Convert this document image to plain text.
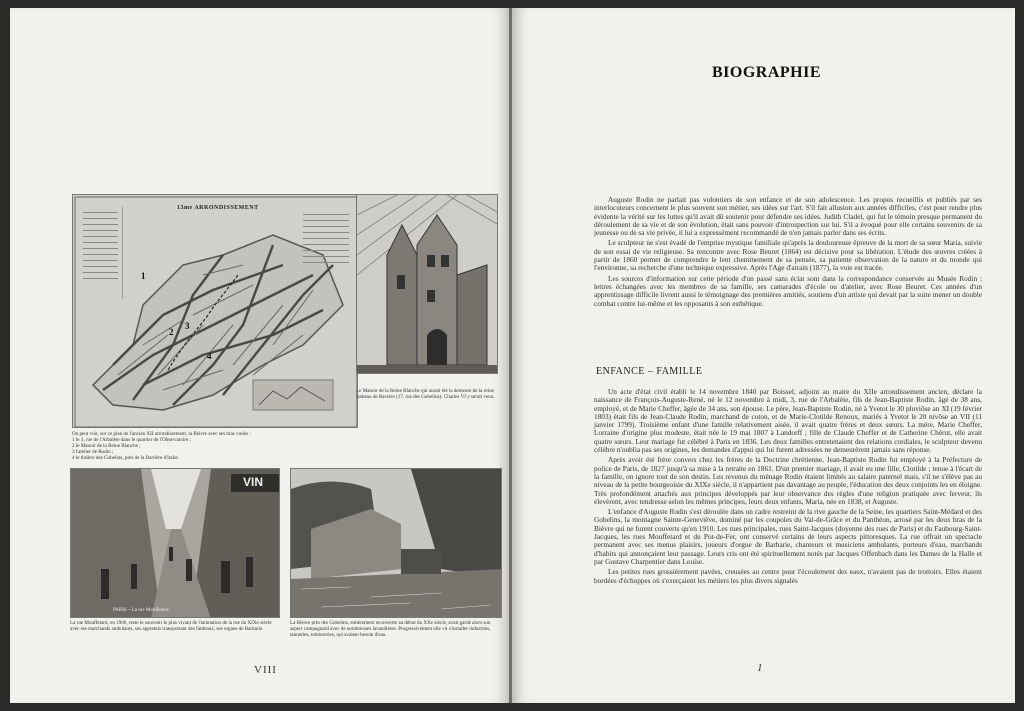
13me ARRONDISSEMENT
1
2
3
4
On peut voir, sur ce plan de l'ancien XII arrondissement, la Bièvre avec ses bras variés :
1 le 3, rue de l'Arbalète dans le quartier de l'Observatoire ;
2 le Manoir de la Reine Blanche ;
3 l'atelier de Rodin ;
4 le théâtre des Gobelins, près de la Barrière d'Italie.
Le Manoir de la Reine Blanche qui aurait été la demeure de la reine Isabeau de Bavière (17, rue des Gobelins). Charles VI y serait venu.
VIN
PARIS – La rue Mouffetard
La rue Mouffetard, en 1906, reste le souvenir le plus vivant de l'animation de la rue du XIXe siècle avec ses marchands ambulants, ses apprentis transportant des fardeaux, ses orgues de Barbarie.
La Bièvre près des Gobelins, entièrement recouverte au début du XXe siècle, avait gardé alors son aspect campagnard avec de nombreuses lavandières. Progressivement elle vit s'installer industries, tanneries, teintureries, qui avaient besoin d'eau.
VIII
BIOGRAPHIE

Auguste Rodin ne parlait pas volontiers de son enfance et de son adolescence. Les propos recueillis et publiés par ses interlocuteurs concernent le plus souvent son métier, ses idées sur l'art. S'il fait allusion aux années difficiles, c'est pour rendre plus évidente la vérité sur les luttes qu'il avait dû soutenir pour défendre ses idées. Judith Cladel, qui fut le témoin presque permanent du déroulement de sa vie et de son évolution, était sans pouvoir d'introspection sur lui. S'il a évoqué pour elle certains souvenirs de sa jeunesse ou de sa vie privée, il lui a expressément recommandé de n'en jamais parler dans ses écrits.

Le sculpteur ne s'est évadé de l'emprise mystique familiale qu'après la douloureuse épreuve de la mort de sa sœur Maria, suivie de son essai de vie religieuse. Sa rencontre avec Rose Beuret (1864) est décisive pour sa libération. L'étude des œuvres créées à partir de 1860 permet de comprendre le lent cheminement de sa pensée, sa patiente observation de la nature et du monde qui l'environne, sa recherche d'une technique expressive. Après l'Age d'airain (1877), la voie est tracée.

Les sources d'information sur cette période d'un passé sans éclat sont dans la correspondance conservée au Musée Rodin : lettres échangées avec les membres de sa famille, ses camarades d'école ou d'atelier, avec Rose Beuret. Ces années d'un apprentissage difficile livrent aussi le témoignage des premières amitiés, soutiens d'un artiste qui devait par la suite mener un double combat contre lui-même et les opposants à son esthétique.

ENFANCE – FAMILLE

Un acte d'état civil établi le 14 novembre 1840 par Boissel, adjoint au maire du XIIe arrondissement ancien, déclare la naissance de François-Auguste-René, né le 12 novembre à midi, 3, rue de l'Arbalète, fils de Jean-Baptiste Rodin, âgé de 38 ans, employé, et de Marie Cheffer, âgée de 34 ans, son épouse. Le père, Jean-Baptiste Rodin, né à Yvetot le 30 pluviôse an XI (19 février 1803) était fils de Jean-Claude Rodin, marchand de coton, et de Marie-Clotilde Renoux, mariés à Yvetot le 20 nivôse an VII (11 janvier 1799). Troisième enfant d'une famille relativement aisée, il avait quatre frères et deux sœurs. La mère, Marie Cheffer, Lorraine d'origine plus modeste, était née le 19 mai 1807 à Landorff ; fille de Claude Cheffer et de Catherine Chérut, elle avait quatre sœurs. Leur mariage fut célébré à Paris en 1836. Les deux familles entretenaient des relations cordiales, le sculpteur devenu célèbre n'oublia pas ses origines, les demandes d'appui qui lui furent adressées ne demeurèrent jamais sans réponse.

Après avoir été frère convers chez les frères de la Doctrine chrétienne, Jean-Baptiste Rodin fut employé à la Préfecture de police de Paris, de 1827 jusqu'à sa mise à la retraite en 1861. D'un premier mariage, il avait eu une fille, Clotilde ; tenue à l'écart de la famille, on ignore tout de son destin. Les revenus du ménage Rodin étaient limités au salaire paternel mais, s'il ne s'élève pas au niveau de la petite bourgeoisie du XIXe siècle, il n'appartient pas davantage au peuple, l'éducation des deux conjoints les en éloigne. Très profondément attachés aux principes développés par leur observance des règles d'une religion pratiquée avec ferveur, ils élevèrent, avec tendresse selon les mêmes principes, leurs deux enfants, Maria, née en 1838, et Auguste.

L'enfance d'Auguste Rodin s'est déroulée dans un cadre restreint de la rive gauche de la Seine, les quartiers Saint-Médard et des Gobelins, la montagne Sainte-Geneviève, dominé par les coupoles du Val-de-Grâce et du Panthéon, arrosé par les deux bras de la Bièvre qui ne furent couverts qu'en 1910. Les rues principales, rues Saint-Jacques (doyenne des rues de Paris) et du Faubourg-Saint-Jacques, les rues Mouffetard et du Pot-de-Fer, ont conservé certains de leurs aspects pittoresques. La rue offrait un spectacle permanent avec ses menus plaisirs, joueurs d'orgue de Barbarie, chanteurs et musiciens ambulants, porteurs d'eau, marchands d'habits qui annonçaient leur passage. Leurs cris ont été spirituellement notés par Jacques Offenbach dans les Dames de la Halle et par Gustave Charpentier dans Louise.

Les petites rues grossièrement pavées, creusées au centre pour l'écoulement des eaux, n'avaient pas de trottoirs. Elles étaient bordées d'échoppes où s'exerçaient les métiers les plus divers signalés

1
